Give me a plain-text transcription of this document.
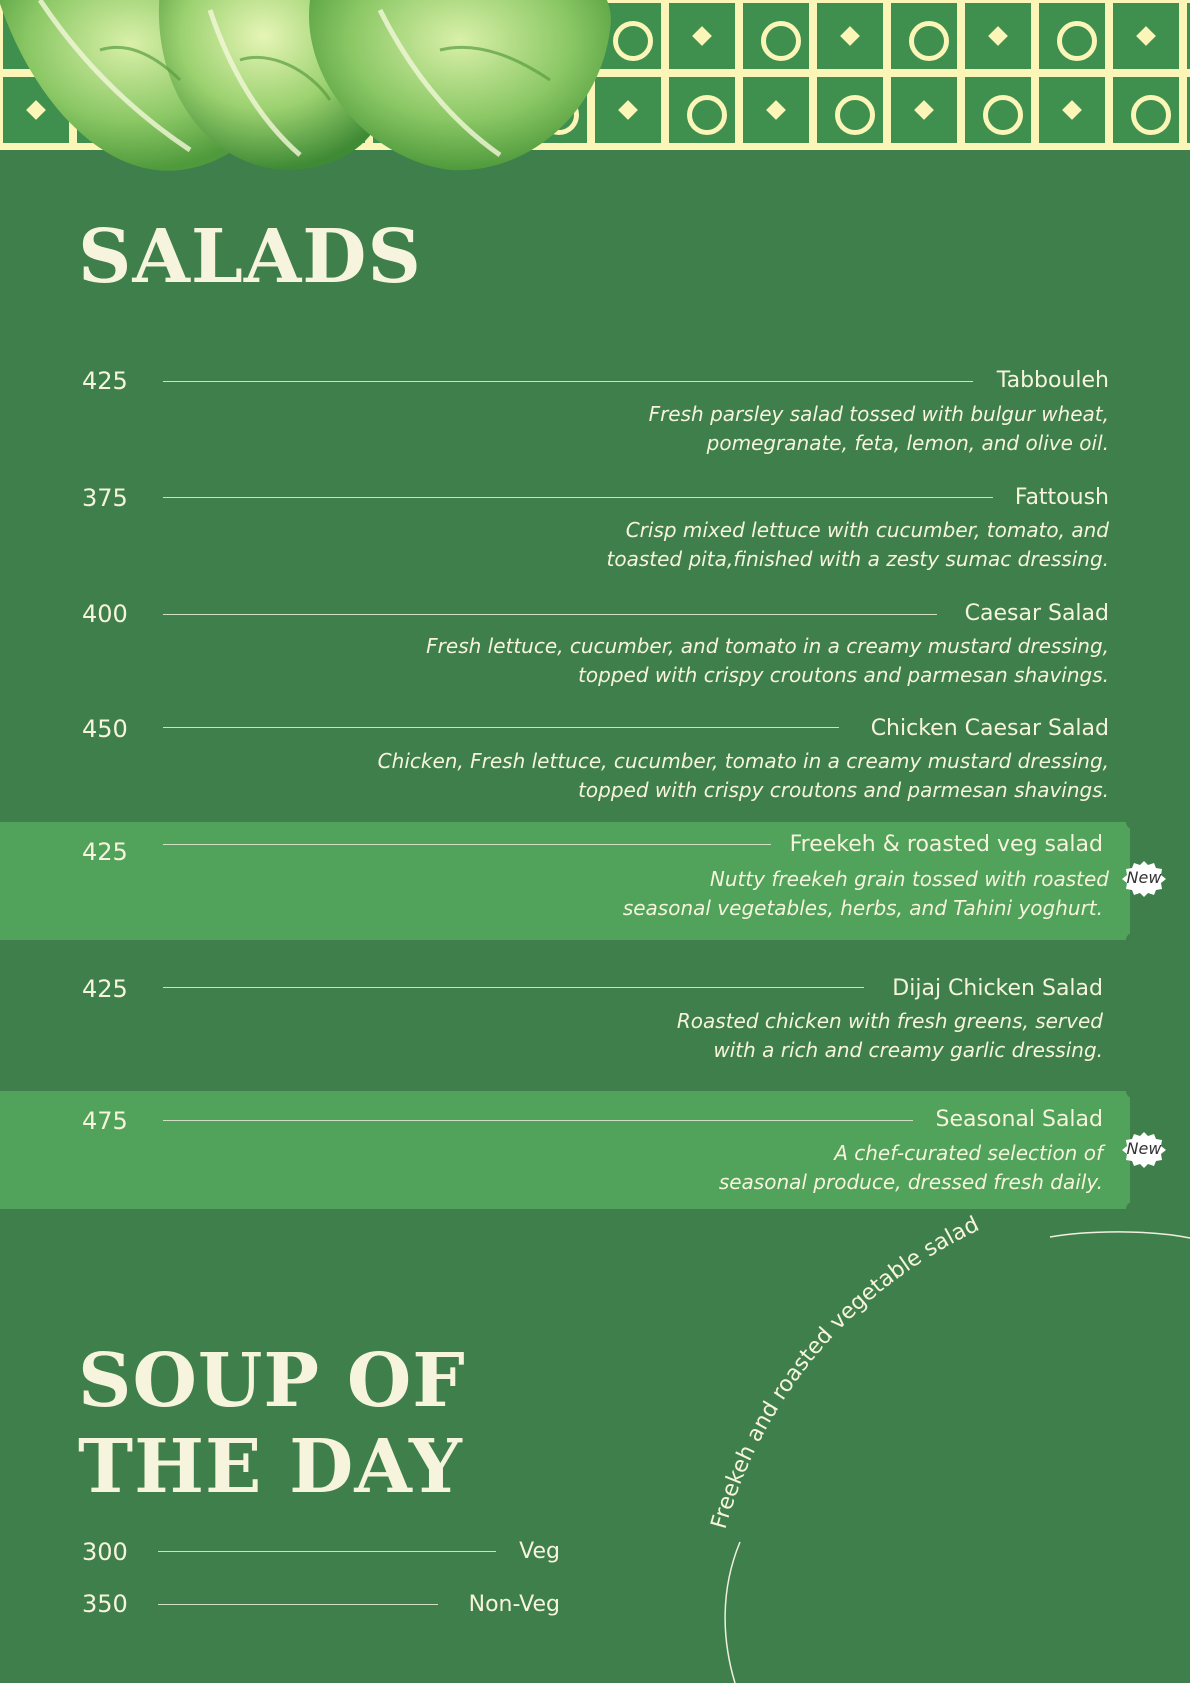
SALADS
425	Tabbouleh
Fresh parsley salad tossed with bulgur wheat,
pomegranate, feta, lemon, and olive oil.
375	Fattoush
Crisp mixed lettuce with cucumber, tomato, and
toasted pita,finished with a zesty sumac dressing.
400	Caesar Salad
Fresh lettuce, cucumber, and tomato in a creamy mustard dressing,
topped with crispy croutons and parmesan shavings.
450	Chicken Caesar Salad
Chicken, Fresh lettuce, cucumber, tomato in a creamy mustard dressing,
topped with crispy croutons and parmesan shavings.
425	Freekeh & roasted veg salad
Nutty freekeh grain tossed with roasted
seasonal vegetables, herbs, and Tahini yoghurt.
New
425	Dijaj Chicken Salad
Roasted chicken with fresh greens, served
with a rich and creamy garlic dressing.
475	Seasonal Salad
A chef-curated selection of
seasonal produce, dressed fresh daily.
New
Freekeh and roasted vegetable salad
SOUP OF
THE DAY
300	Veg
350	Non-Veg
